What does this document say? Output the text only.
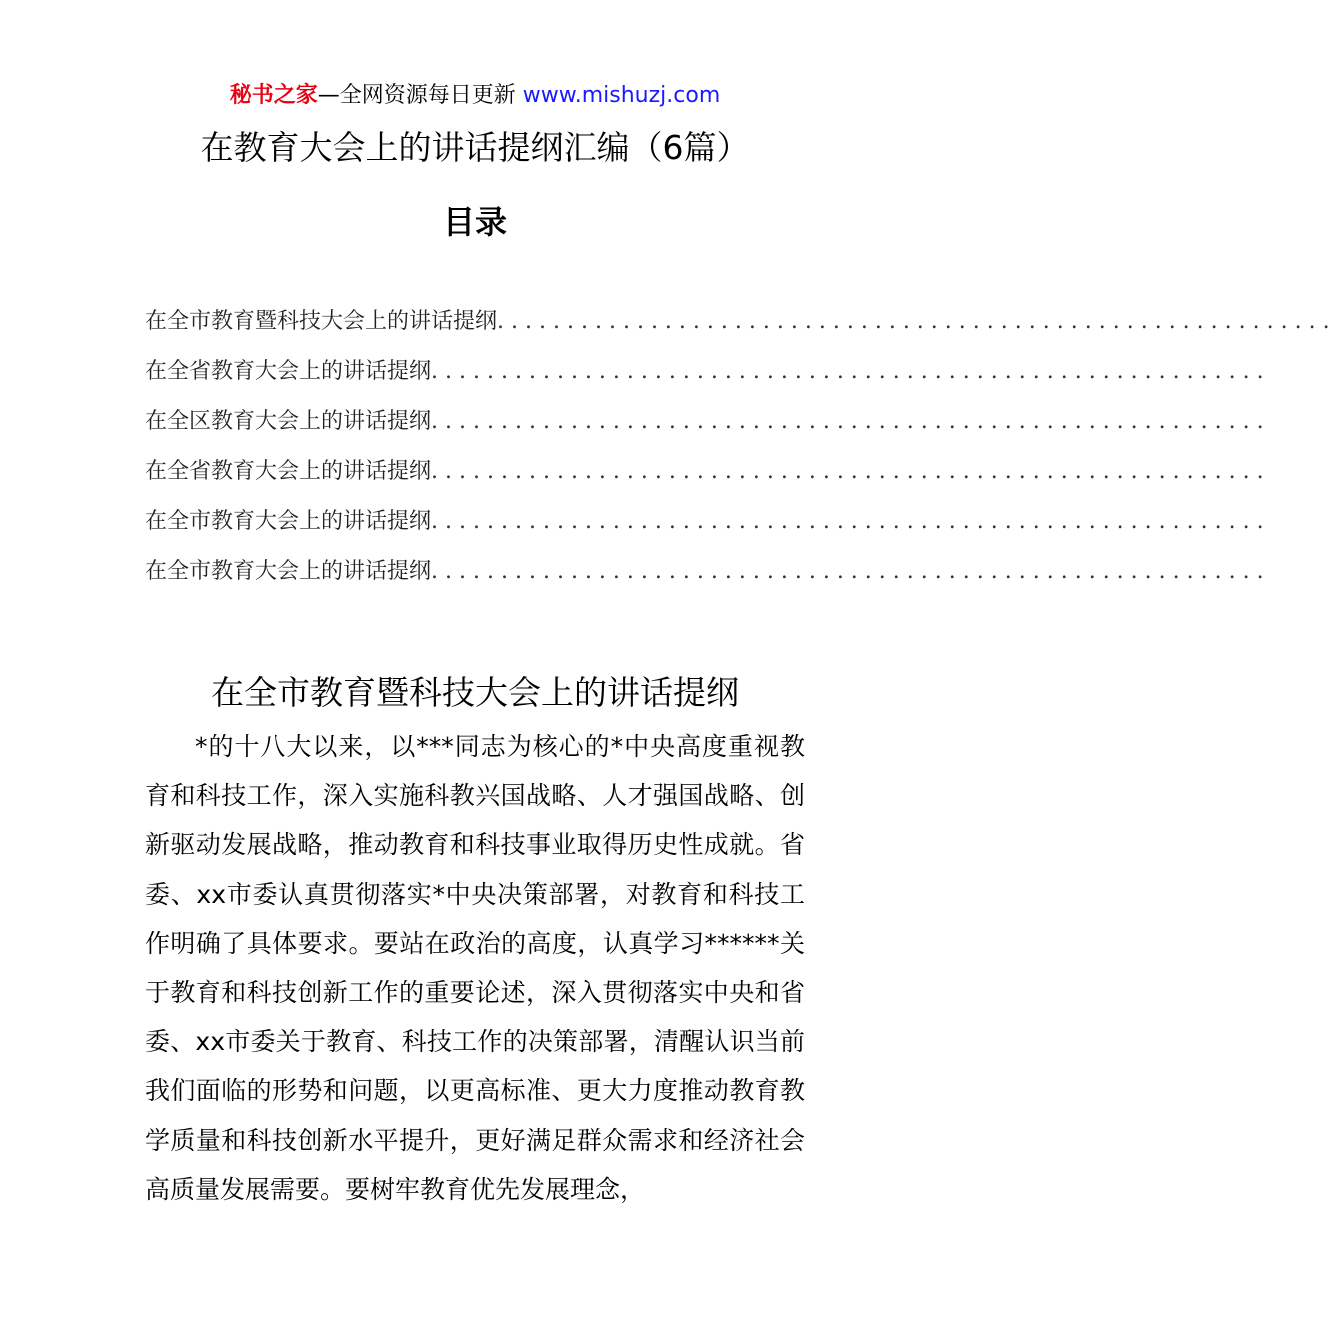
秘书之家—全网资源每日更新 www.mishuzj.com
在教育大会上的讲话提纲汇编（6篇）
目录
在全市教育暨科技大会上的讲话提纲............................................................
在全省教育大会上的讲话提纲............................................................
在全区教育大会上的讲话提纲............................................................
在全省教育大会上的讲话提纲............................................................
在全市教育大会上的讲话提纲............................................................
在全市教育大会上的讲话提纲............................................................
在全市教育暨科技大会上的讲话提纲

*的十八大以来，以***同志为核心的*中央高度重视教育和科技工作，深入实施科教兴国战略、人才强国战略、创新驱动发展战略，推动教育和科技事业取得历史性成就。省委、xx市委认真贯彻落实*中央决策部署，对教育和科技工作明确了具体要求。要站在政治的高度，认真学习******关于教育和科技创新工作的重要论述，深入贯彻落实中央和省委、xx市委关于教育、科技工作的决策部署，清醒认识当前我们面临的形势和问题，以更高标准、更大力度推动教育教学质量和科技创新水平提升，更好满足群众需求和经济社会高质量发展需要。要树牢教育优先发展理念，
